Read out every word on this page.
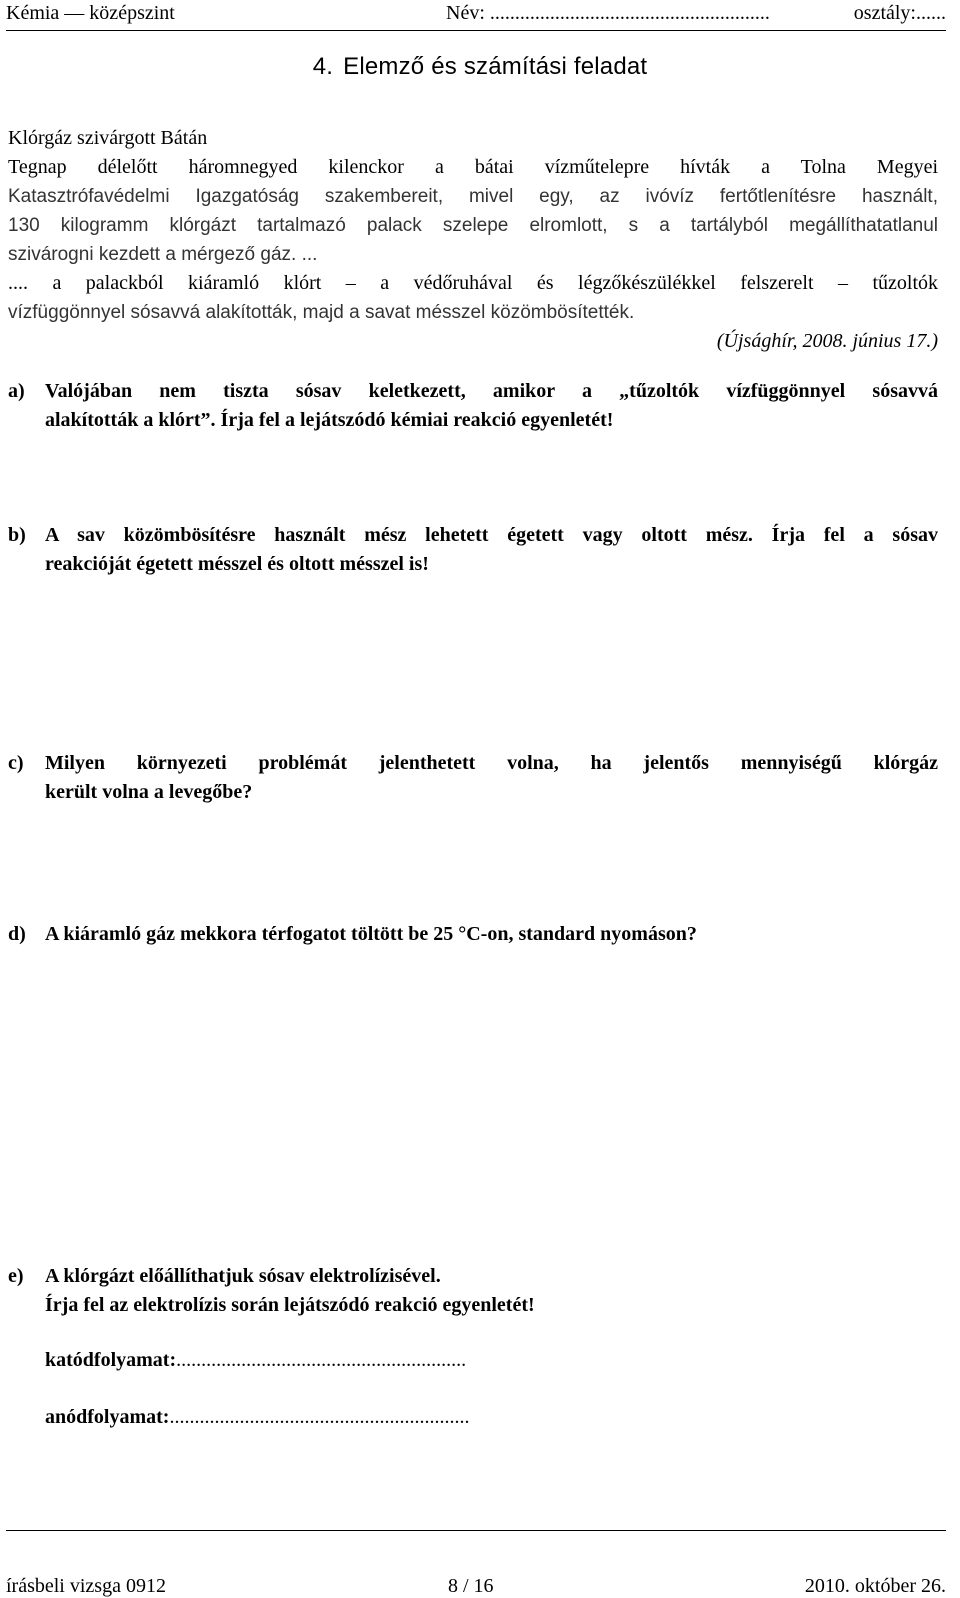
Kémia — középszint	Név: ........................................................	osztály:......
4. Elemző és számítási feladat
Klórgáz szivárgott Bátán
Tegnap délelőtt háromnegyed kilenckor a bátai vízműtelepre hívták a Tolna Megyei
Katasztrófavédelmi Igazgatóság szakembereit, mivel egy, az ivóvíz fertőtlenítésre használt,
130 kilogramm klórgázt tartalmazó palack szelepe elromlott, s a tartályból megállíthatatlanul
szivárogni kezdett a mérgező gáz. ...
.... a palackból kiáramló klórt – a védőruhával és légzőkészülékkel felszerelt – tűzoltók
vízfüggönnyel sósavvá alakították, majd a savat mésszel közömbösítették.
(Újsághír, 2008. június 17.)
a)	Valójában nem tiszta sósav keletkezett, amikor a „tűzoltók vízfüggönnyel sósavvá
alakították a klórt”. Írja fel a lejátszódó kémiai reakció egyenletét!
b) A sav közömbösítésre használt mész lehetett égetett vagy oltott mész. Írja fel a sósav
reakcióját égetett mésszel és oltott mésszel is!
c)	Milyen környezeti problémát jelenthetett volna, ha jelentős mennyiségű klórgáz
került volna a levegőbe?
d) A kiáramló gáz mekkora térfogatot töltött be 25 °C-on, standard nyomáson?
e)	A klórgázt előállíthatjuk sósav elektrolízisével.
Írja fel az elektrolízis során lejátszódó reakció egyenletét!
katódfolyamat:..........................................................
anódfolyamat:............................................................
írásbeli vizsga 0912	8 / 16	2010. október 26.
